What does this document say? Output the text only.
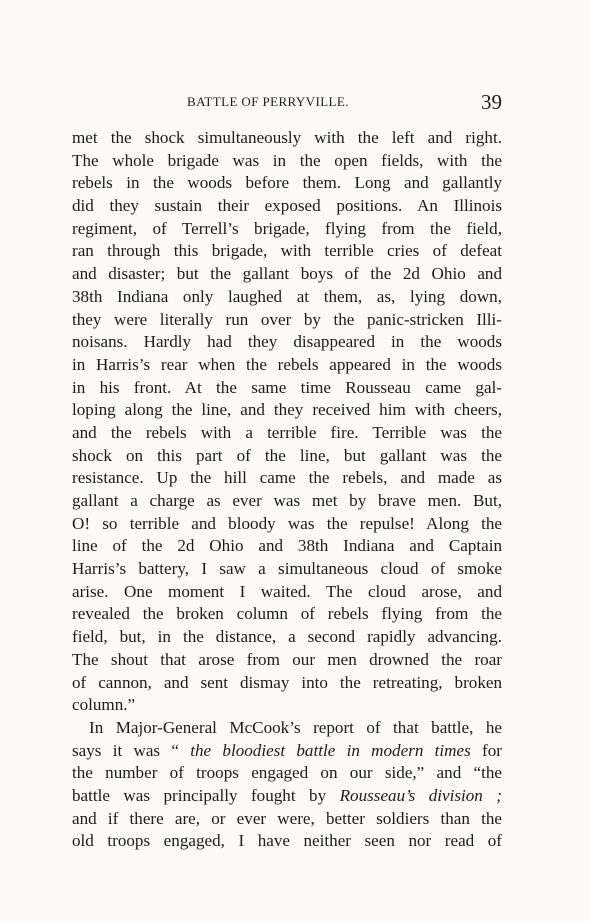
BATTLE OF PERRYVILLE.	39
met the shock simultaneously with the left and right.
The whole brigade was in the open fields, with the
rebels in the woods before them. Long and gallantly
did they sustain their exposed positions. An Illinois
regiment, of Terrell’s brigade, flying from the field,
ran through this brigade, with terrible cries of defeat
and disaster; but the gallant boys of the 2d Ohio and
38th Indiana only laughed at them, as, lying down,
they were literally run over by the panic-stricken Illi-
noisans. Hardly had they disappeared in the woods
in Harris’s rear when the rebels appeared in the woods
in his front. At the same time Rousseau came gal-
loping along the line, and they received him with cheers,
and the rebels with a terrible fire. Terrible was the
shock on this part of the line, but gallant was the
resistance. Up the hill came the rebels, and made as
gallant a charge as ever was met by brave men. But,
O! so terrible and bloody was the repulse! Along the
line of the 2d Ohio and 38th Indiana and Captain
Harris’s battery, I saw a simultaneous cloud of smoke
arise. One moment I waited. The cloud arose, and
revealed the broken column of rebels flying from the
field, but, in the distance, a second rapidly advancing.
The shout that arose from our men drowned the roar
of cannon, and sent dismay into the retreating, broken
column.”
In Major-General McCook’s report of that battle, he
says it was “ the bloodiest battle in modern times for
the number of troops engaged on our side,” and “the
battle was principally fought by Rousseau’s division ;
and if there are, or ever were, better soldiers than the
old troops engaged, I have neither seen nor read of
